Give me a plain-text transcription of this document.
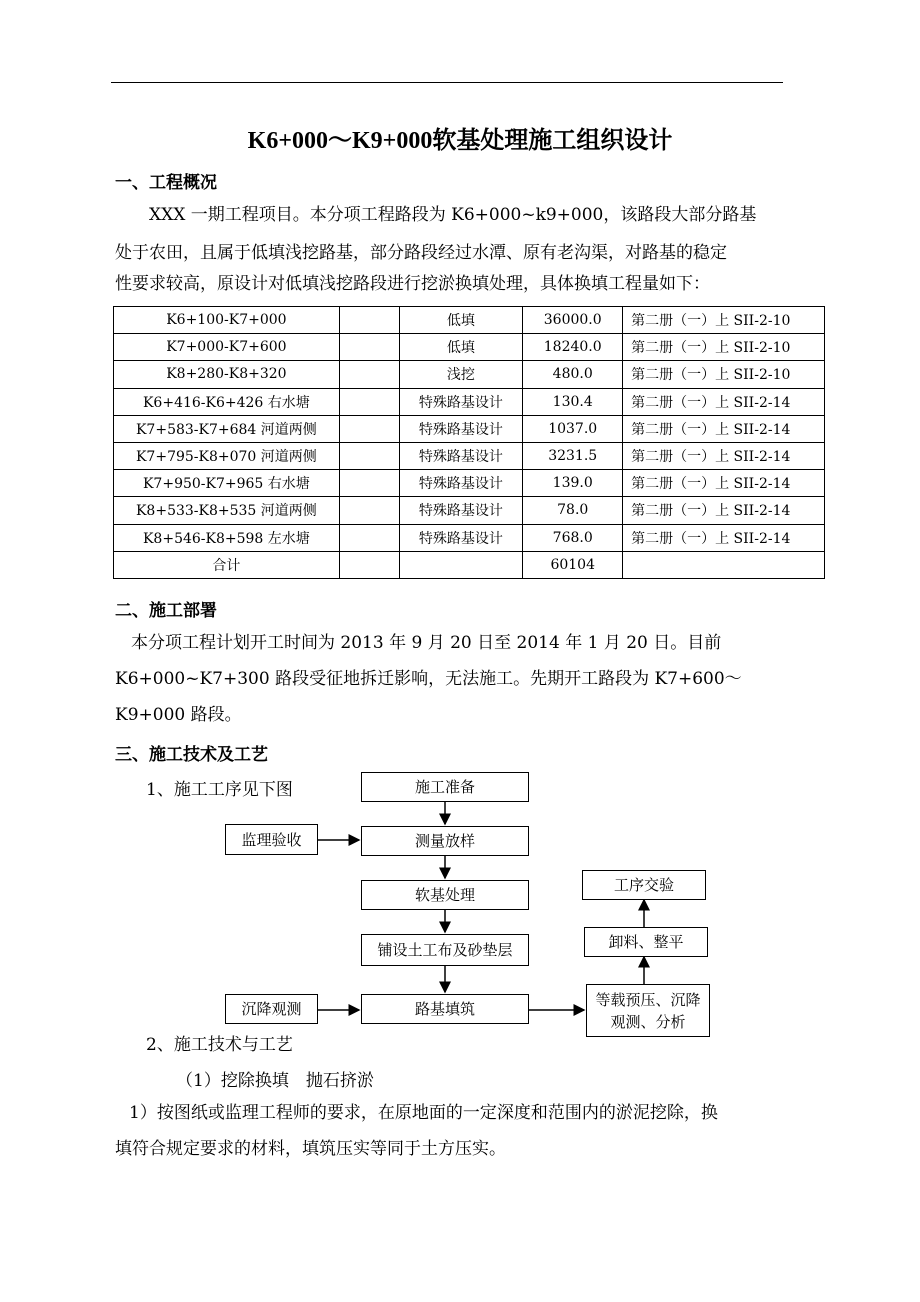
K6+000～K9+000软基处理施工组织设计
一、工程概况
XXX 一期工程项目。本分项工程路段为 K6+000~k9+000，该路段大部分路基
处于农田，且属于低填浅挖路基，部分路段经过水潭、原有老沟渠，对路基的稳定
性要求较高，原设计对低填浅挖路段进行挖淤换填处理，具体换填工程量如下：
K6+100-K7+000		低填	36000.0	第二册（一）上 SII-2-10
K7+000-K7+600		低填	18240.0	第二册（一）上 SII-2-10
K8+280-K8+320		浅挖	480.0	第二册（一）上 SII-2-10
K6+416-K6+426 右水塘		特殊路基设计	130.4	第二册（一）上 SII-2-14
K7+583-K7+684 河道两侧		特殊路基设计	1037.0	第二册（一）上 SII-2-14
K7+795-K8+070 河道两侧		特殊路基设计	3231.5	第二册（一）上 SII-2-14
K7+950-K7+965 右水塘		特殊路基设计	139.0	第二册（一）上 SII-2-14
K8+533-K8+535 河道两侧		特殊路基设计	78.0	第二册（一）上 SII-2-14
K8+546-K8+598 左水塘		特殊路基设计	768.0	第二册（一）上 SII-2-14
合计			60104	
二、施工部署
本分项工程计划开工时间为 2013 年 9 月 20 日至 2014 年 1 月 20 日。目前
K6+000~K7+300 路段受征地拆迁影响，无法施工。先期开工路段为 K7+600～
K9+000 路段。
三、施工技术及工艺
1、施工工序见下图	施工准备
测量放样
监理验收
软基处理
铺设土工布及砂垫层
路基填筑
沉降观测
等载预压、沉降
观测、分析
卸料、整平
工序交验
2、施工技术与工艺
（1）挖除换填　抛石挤淤
1）按图纸或监理工程师的要求，在原地面的一定深度和范围内的淤泥挖除，换
填符合规定要求的材料，填筑压实等同于土方压实。
